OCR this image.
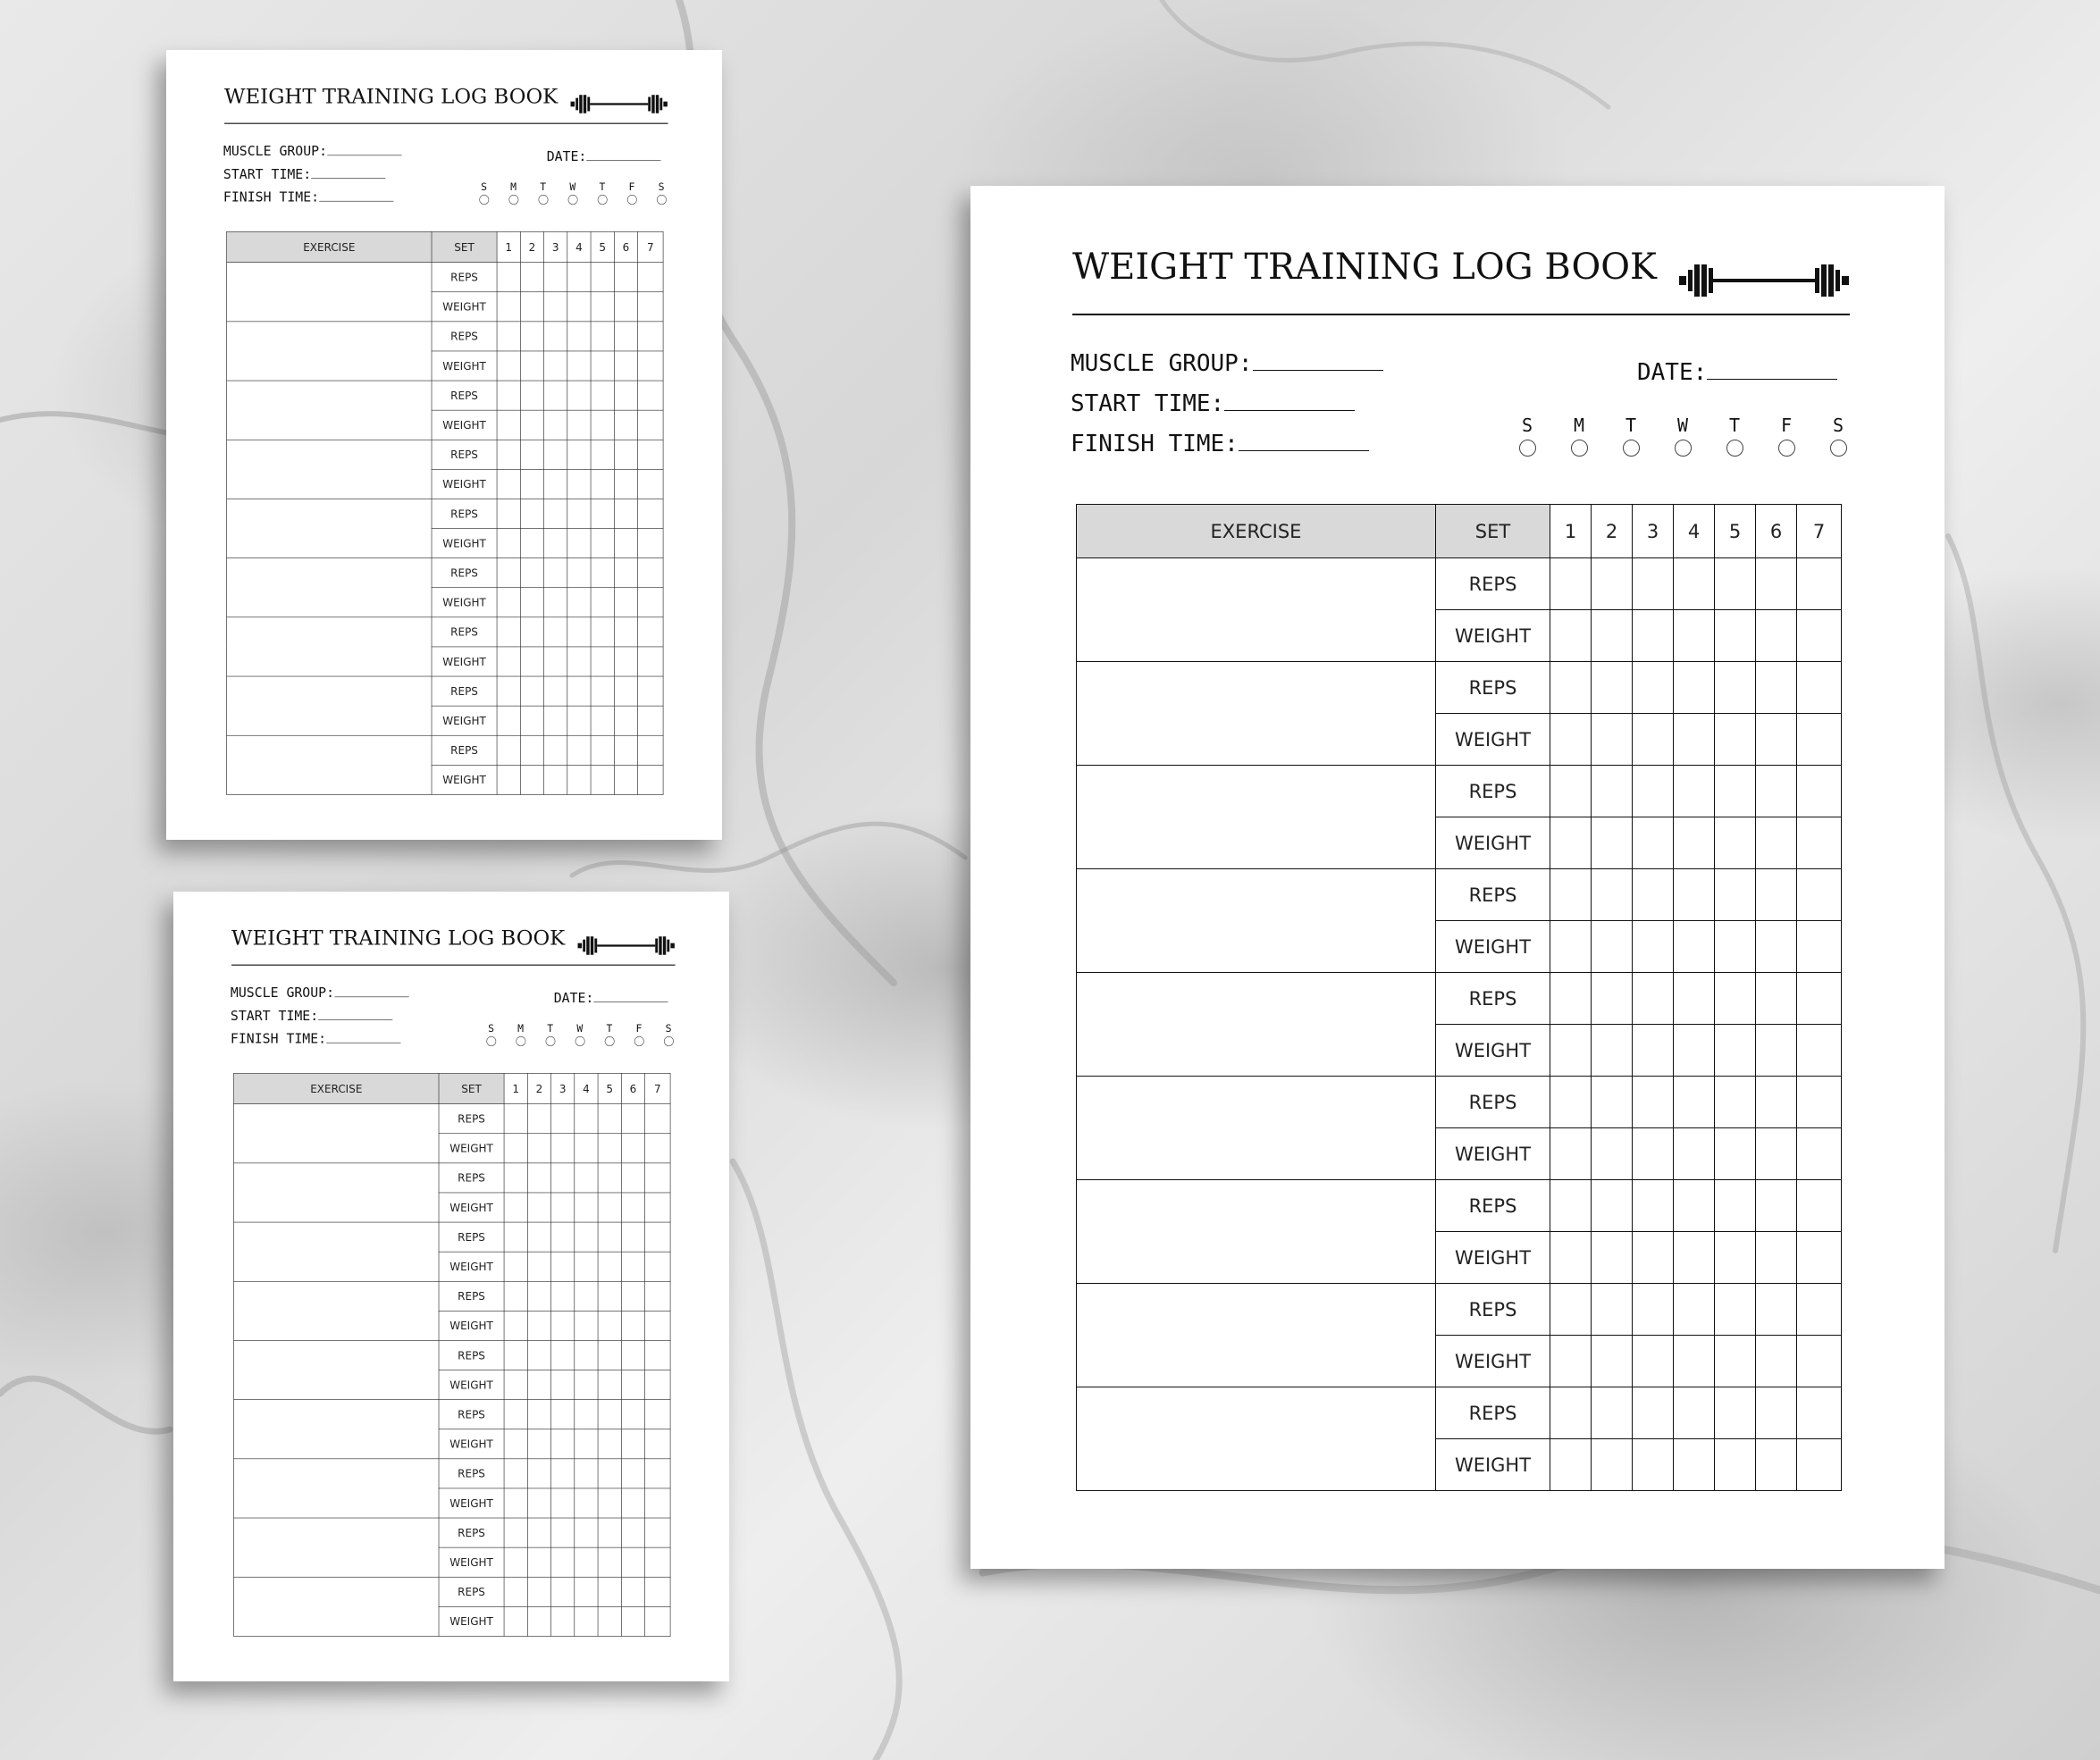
WEIGHT TRAINING LOG BOOK
MUSCLE GROUP:
START TIME:
FINISH TIME:
DATE:
S M T W T F S
EXERCISE	SET	1	2	3	4	5	6	7
	REPS							
	WEIGHT							
	REPS							
	WEIGHT							
	REPS							
	WEIGHT							
	REPS							
	WEIGHT							
	REPS							
	WEIGHT							
	REPS							
	WEIGHT							
	REPS							
	WEIGHT							
	REPS							
	WEIGHT							
	REPS							
	WEIGHT							
WEIGHT TRAINING LOG BOOK
MUSCLE GROUP:
START TIME:
FINISH TIME:
DATE:
S M T W T F S
EXERCISE	SET	1	2	3	4	5	6	7
	REPS							
	WEIGHT							
	REPS							
	WEIGHT							
	REPS							
	WEIGHT							
	REPS							
	WEIGHT							
	REPS							
	WEIGHT							
	REPS							
	WEIGHT							
	REPS							
	WEIGHT							
	REPS							
	WEIGHT							
	REPS							
	WEIGHT							
WEIGHT TRAINING LOG BOOK
MUSCLE GROUP:
START TIME:
FINISH TIME:
DATE:
S M T W T F S
EXERCISE	SET	1	2	3	4	5	6	7
	REPS							
	WEIGHT							
	REPS							
	WEIGHT							
	REPS							
	WEIGHT							
	REPS							
	WEIGHT							
	REPS							
	WEIGHT							
	REPS							
	WEIGHT							
	REPS							
	WEIGHT							
	REPS							
	WEIGHT							
	REPS							
	WEIGHT							
